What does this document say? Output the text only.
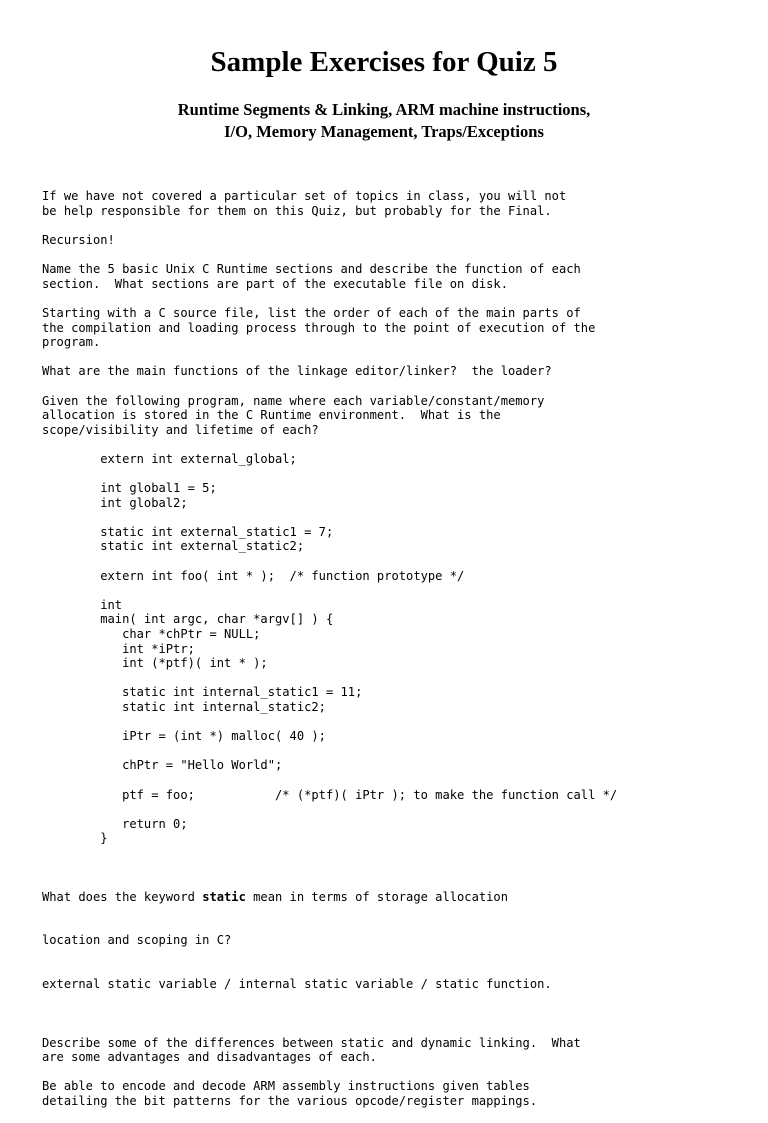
Sample Exercises for Quiz 5
Runtime Segments & Linking, ARM machine instructions,
I/O, Memory Management, Traps/Exceptions

If we have not covered a particular set of topics in class, you will not
be help responsible for them on this Quiz, but probably for the Final.
Recursion!
Name the 5 basic Unix C Runtime sections and describe the function of each
section.  What sections are part of the executable file on disk.
Starting with a C source file, list the order of each of the main parts of
the compilation and loading process through to the point of execution of the
program.
What are the main functions of the linkage editor/linker?  the loader?
Given the following program, name where each variable/constant/memory
allocation is stored in the C Runtime environment.  What is the
scope/visibility and lifetime of each?
extern int external_global;
int global1 = 5;
int global2;
static int external_static1 = 7;
static int external_static2;
extern int foo( int * );  /* function prototype */
int
main( int argc, char *argv[] ) {
char *chPtr = NULL;
int *iPtr;
int (*ptf)( int * );
static int internal_static1 = 11;
static int internal_static2;
iPtr = (int *) malloc( 40 );
chPtr = "Hello World";
ptf = foo;           /* (*ptf)( iPtr ); to make the function call */
return 0;
}

What does the keyword static mean in terms of storage allocation

location and scoping in C?

external static variable / internal static variable / static function.

Describe some of the differences between static and dynamic linking.  What
are some advantages and disadvantages of each.
Be able to encode and decode ARM assembly instructions given tables
detailing the bit patterns for the various opcode/register mappings.
